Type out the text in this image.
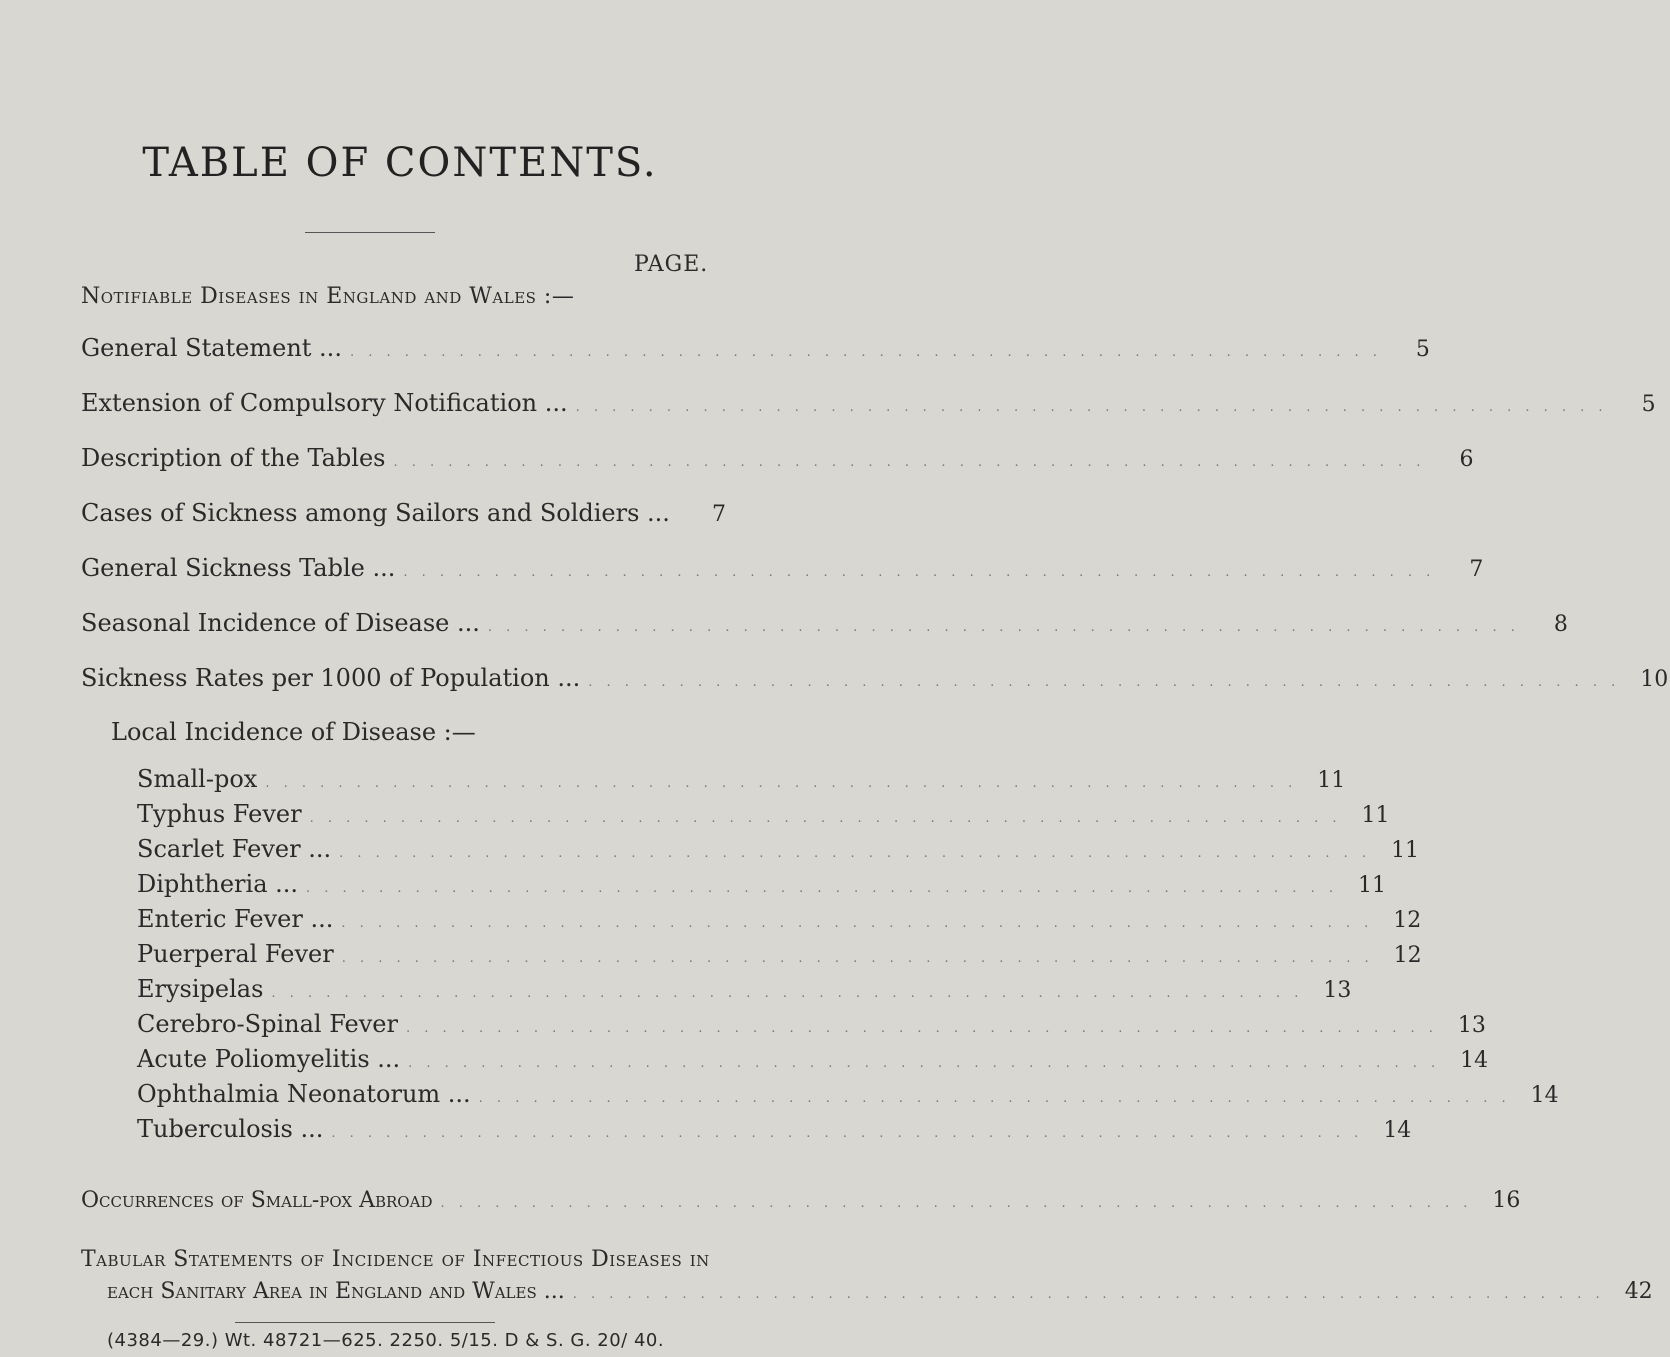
TABLE OF CONTENTS.
PAGE.
Notifiable Diseases in England and Wales :—
General Statement ... . . . . . . . . . . . . . . . . . . . . . . . . . . . . . . . . . . . . . . . . . . . . . . . . . . . . . . . . .	5
Extension of Compulsory Notification ... . . . . . . . . . . . . . . . . . . . . . . . . . . . . . . . . . . . . . . . . . . . . . . . . . . . . . . . . .	5
Description of the Tables . . . . . . . . . . . . . . . . . . . . . . . . . . . . . . . . . . . . . . . . . . . . . . . . . . . . . . . . .	6
Cases of Sickness among Sailors and Soldiers ...	7
General Sickness Table ... . . . . . . . . . . . . . . . . . . . . . . . . . . . . . . . . . . . . . . . . . . . . . . . . . . . . . . . . .	7
Seasonal Incidence of Disease ... . . . . . . . . . . . . . . . . . . . . . . . . . . . . . . . . . . . . . . . . . . . . . . . . . . . . . . . . .	8
Sickness Rates per 1000 of Population ... . . . . . . . . . . . . . . . . . . . . . . . . . . . . . . . . . . . . . . . . . . . . . . . . . . . . . . . . . 10
Local Incidence of Disease :—
Small-pox . . . . . . . . . . . . . . . . . . . . . . . . . . . . . . . . . . . . . . . . . . . . . . . . . . . . . . . . . 11
Typhus Fever . . . . . . . . . . . . . . . . . . . . . . . . . . . . . . . . . . . . . . . . . . . . . . . . . . . . . . . . . 11
Scarlet Fever ... . . . . . . . . . . . . . . . . . . . . . . . . . . . . . . . . . . . . . . . . . . . . . . . . . . . . . . . . . 11
Diphtheria ... . . . . . . . . . . . . . . . . . . . . . . . . . . . . . . . . . . . . . . . . . . . . . . . . . . . . . . . . . 11
Enteric Fever ... . . . . . . . . . . . . . . . . . . . . . . . . . . . . . . . . . . . . . . . . . . . . . . . . . . . . . . . . . 12
Puerperal Fever . . . . . . . . . . . . . . . . . . . . . . . . . . . . . . . . . . . . . . . . . . . . . . . . . . . . . . . . . 12
Erysipelas . . . . . . . . . . . . . . . . . . . . . . . . . . . . . . . . . . . . . . . . . . . . . . . . . . . . . . . . . 13
Cerebro-Spinal Fever . . . . . . . . . . . . . . . . . . . . . . . . . . . . . . . . . . . . . . . . . . . . . . . . . . . . . . . . . 13
Acute Poliomyelitis ... . . . . . . . . . . . . . . . . . . . . . . . . . . . . . . . . . . . . . . . . . . . . . . . . . . . . . . . . . 14
Ophthalmia Neonatorum ... . . . . . . . . . . . . . . . . . . . . . . . . . . . . . . . . . . . . . . . . . . . . . . . . . . . . . . . . . 14
Tuberculosis ... . . . . . . . . . . . . . . . . . . . . . . . . . . . . . . . . . . . . . . . . . . . . . . . . . . . . . . . . . 14
Occurrences of Small-pox Abroad . . . . . . . . . . . . . . . . . . . . . . . . . . . . . . . . . . . . . . . . . . . . . . . . . . . . . . . . . 16
Tabular Statements of Incidence of Infectious Diseases in
each Sanitary Area in England and Wales ... . . . . . . . . . . . . . . . . . . . . . . . . . . . . . . . . . . . . . . . . . . . . . . . . . . . . . . . . . 42
(4384—29.) Wt. 48721—625. 2250. 5/15. D & S. G. 20/ 40.
